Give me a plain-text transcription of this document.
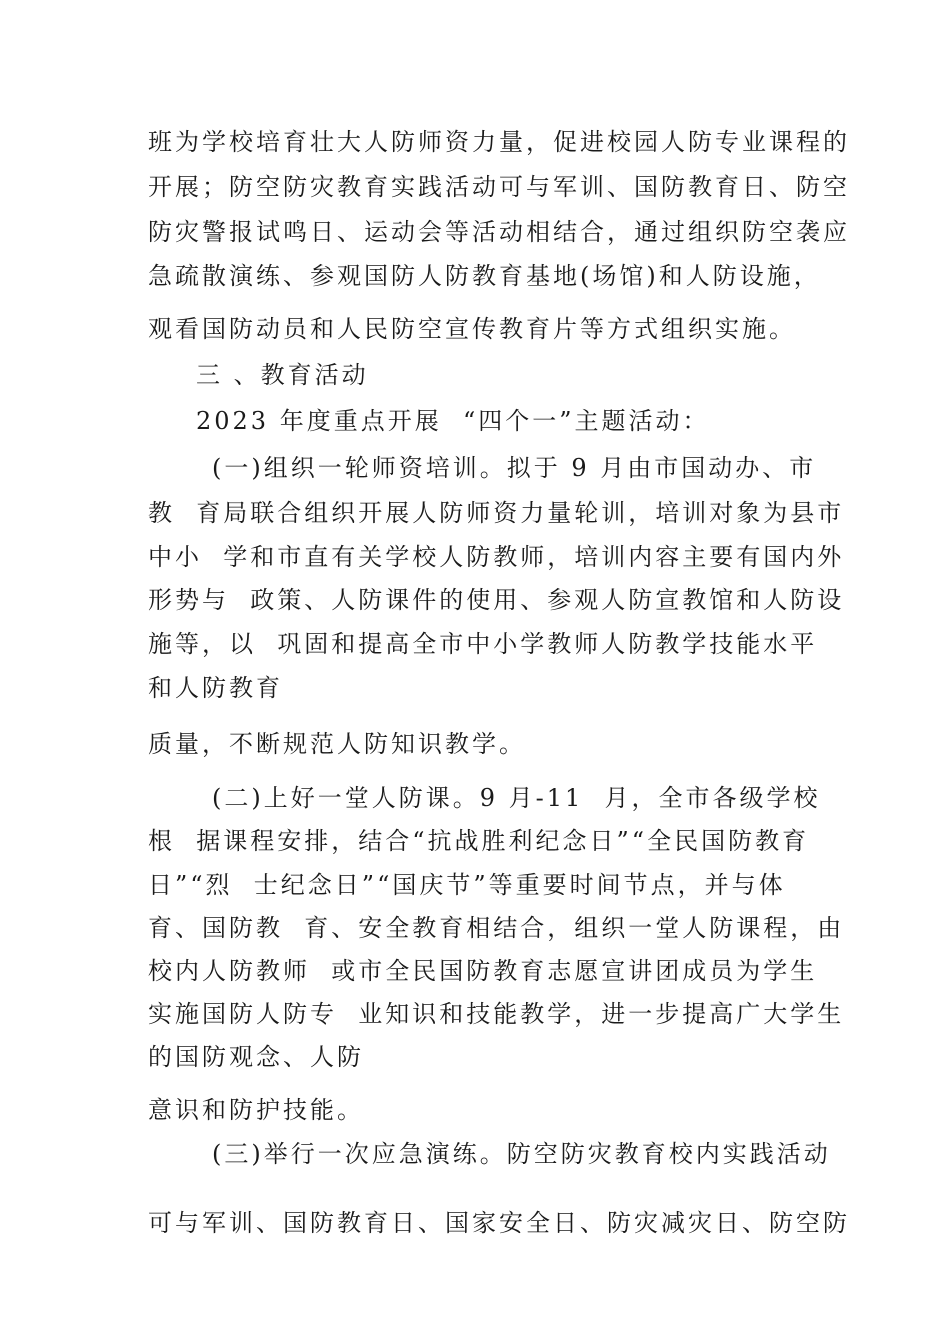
班为学校培育壮大人防师资力量，促进校园人防专业课程的
开展；防空防灾教育实践活动可与军训、国防教育日、防空
防灾警报试鸣日、运动会等活动相结合，通过组织防空袭应
急疏散演练、参观国防人防教育基地(场馆)和人防设施，
观看国防动员和人民防空宣传教育片等方式组织实施。
三 、教育活动
2023 年度重点开展  “四个一”主题活动：
(一)组织一轮师资培训。拟于 9 月由市国动办、市
教  育局联合组织开展人防师资力量轮训，培训对象为县市
中小  学和市直有关学校人防教师，培训内容主要有国内外
形势与  政策、人防课件的使用、参观人防宣教馆和人防设
施等，以  巩固和提高全市中小学教师人防教学技能水平
和人防教育
质量，不断规范人防知识教学。
(二)上好一堂人防课。9 月-11  月，全市各级学校
根  据课程安排，结合“抗战胜利纪念日”“全民国防教育
日”“烈  士纪念日”“国庆节”等重要时间节点，并与体
育、国防教  育、安全教育相结合，组织一堂人防课程，由
校内人防教师  或市全民国防教育志愿宣讲团成员为学生
实施国防人防专  业知识和技能教学，进一步提高广大学生
的国防观念、人防
意识和防护技能。
(三)举行一次应急演练。防空防灾教育校内实践活动
可与军训、国防教育日、国家安全日、防灾减灾日、防空防
